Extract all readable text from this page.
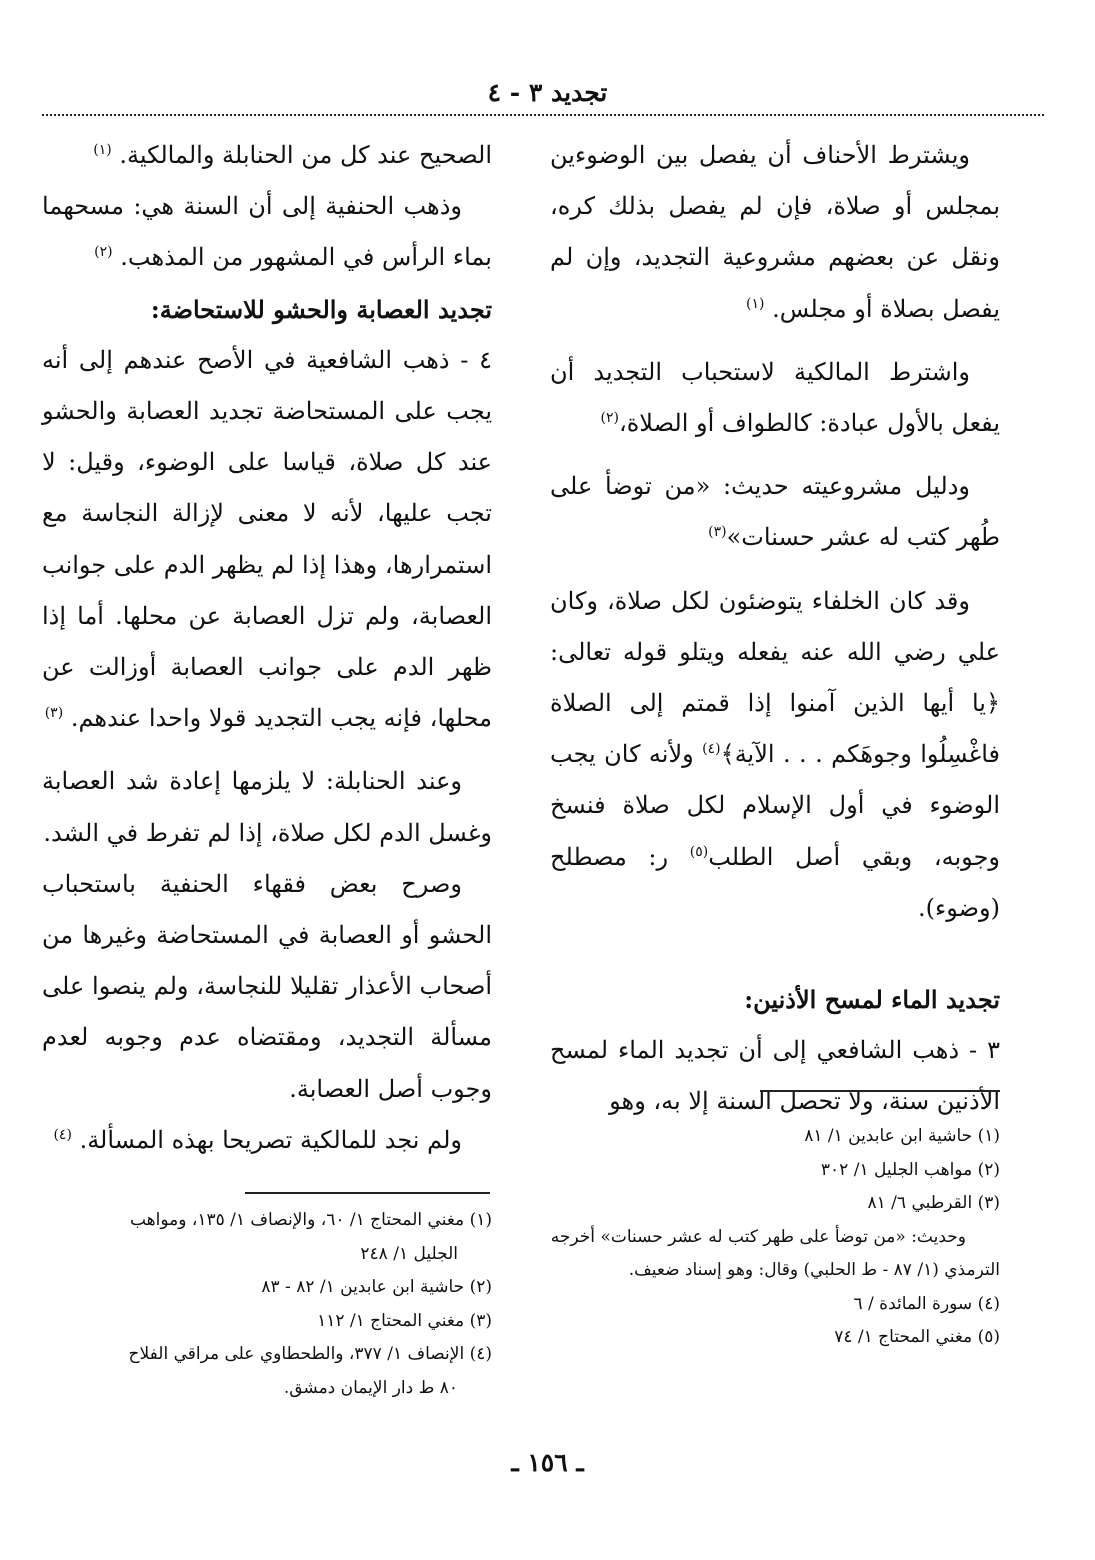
تجديد ٣ - ٤

ويشترط الأحناف أن يفصل بين الوضوءين بمجلس أو صلاة، فإن لم يفصل بذلك كره، ونقل عن بعضهم مشروعية التجديد، وإن لم يفصل بصلاة أو مجلس. $^{(١)}$

واشترط المالكية لاستحباب التجديد أن يفعل بالأول عبادة: كالطواف أو الصلاة،$^{(٢)}$

ودليل مشروعيته حديث: «من توضأ على طُهر كتب له عشر حسنات»$^{(٣)}$

وقد كان الخلفاء يتوضئون لكل صلاة، وكان علي رضي الله عنه يفعله ويتلو قوله تعالى: ﴿يا أيها الذين آمنوا إذا قمتم إلى الصلاة فاغْسِلُوا وجوهَكم . . . الآية﴾$^{(٤)}$ ولأنه كان يجب الوضوء في أول الإسلام لكل صلاة فنسخ وجوبه، وبقي أصل الطلب$^{(٥)}$ ر: مصطلح (وضوء).

تجديد الماء لمسح الأذنين:

٣ - ذهب الشافعي إلى أن تجديد الماء لمسح الأذنين سنة، ولا تحصل السنة إلا به، وهو

الصحيح عند كل من الحنابلة والمالكية. $^{(١)}$

وذهب الحنفية إلى أن السنة هي: مسحهما بماء الرأس في المشهور من المذهب. $^{(٢)}$

تجديد العصابة والحشو للاستحاضة:

٤ - ذهب الشافعية في الأصح عندهم إلى أنه يجب على المستحاضة تجديد العصابة والحشو عند كل صلاة، قياسا على الوضوء، وقيل: لا تجب عليها، لأنه لا معنى لإزالة النجاسة مع استمرارها، وهذا إذا لم يظهر الدم على جوانب العصابة، ولم تزل العصابة عن محلها. أما إذا ظهر الدم على جوانب العصابة أوزالت عن محلها، فإنه يجب التجديد قولا واحدا عندهم. $^{(٣)}$

وعند الحنابلة: لا يلزمها إعادة شد العصابة وغسل الدم لكل صلاة، إذا لم تفرط في الشد.

وصرح بعض فقهاء الحنفية باستحباب الحشو أو العصابة في المستحاضة وغيرها من أصحاب الأعذار تقليلا للنجاسة، ولم ينصوا على مسألة التجديد، ومقتضاه عدم وجوبه لعدم وجوب أصل العصابة.

ولم نجد للمالكية تصريحا بهذه المسألة. $^{(٤)}$	(١) حاشية ابن عابدين ١/ ٨١
(٢) مواهب الجليل ١/ ٣٠٢
(٣) القرطبي ٦/ ٨١
وحديث: «من توضأ على طهر كتب له عشر حسنات» أخرجه الترمذي (١/ ٨٧ - ط الحلبي) وقال: وهو إسناد ضعيف.
(٤) سورة المائدة / ٦
(٥) مغني المحتاج ١/ ٧٤
(١) مغني المحتاج ١/ ٦٠، والإنصاف ١/ ١٣٥، ومواهب
الجليل ١/ ٢٤٨
(٢) حاشية ابن عابدين ١/ ٨٢ - ٨٣
(٣) مغني المحتاج ١/ ١١٢
(٤) الإنصاف ١/ ٣٧٧، والطحطاوي على مراقي الفلاح
٨٠ ط دار الإيمان دمشق.
ـ ١٥٦ ـ
